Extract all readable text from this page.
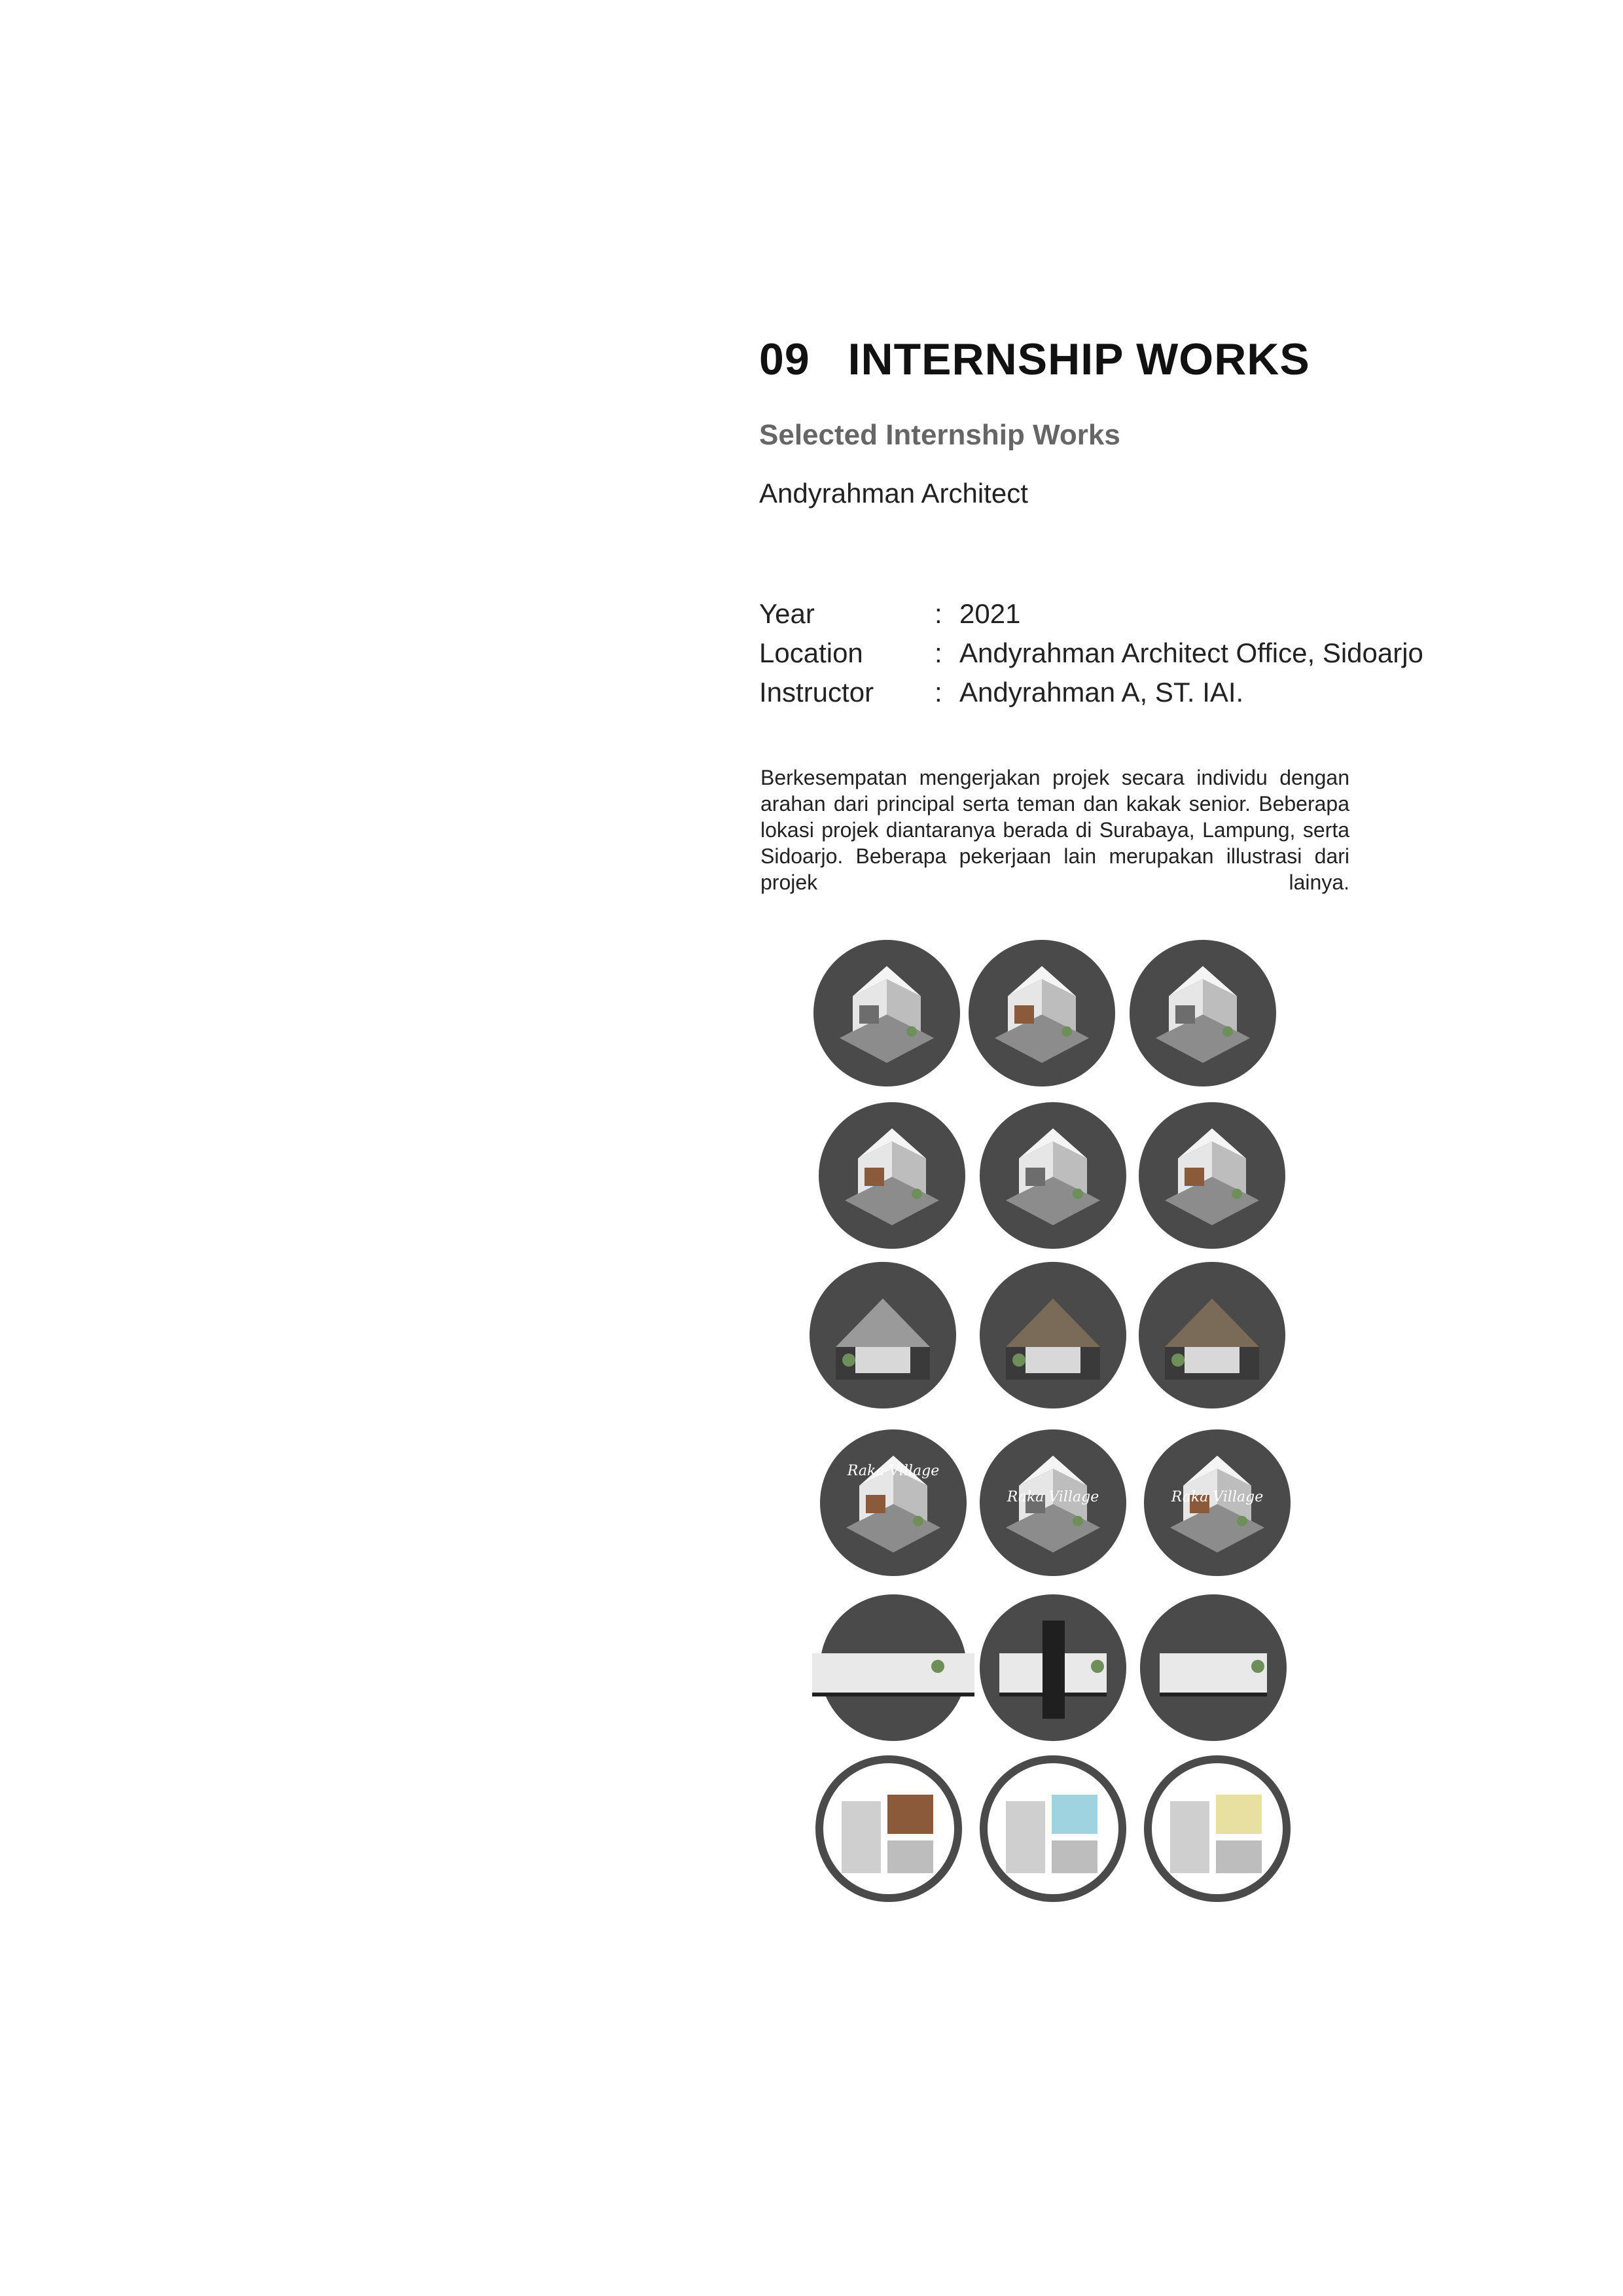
09 INTERNSHIP WORKS
Selected Internship Works
Andyrahman Architect
Year	: 2021
Location	: Andyrahman Architect Office, Sidoarjo
Instructor : Andyrahman A, ST. IAI.
Berkesempatan mengerjakan projek secara individu dengan arahan dari principal serta teman dan kakak senior. Beberapa lokasi projek diantaranya berada di Surabaya, Lampung, serta Sidoarjo. Beberapa pekerjaan lain merupakan illustrasi dari projek lainya.
Raka Village
Raka Village	Raka Village
